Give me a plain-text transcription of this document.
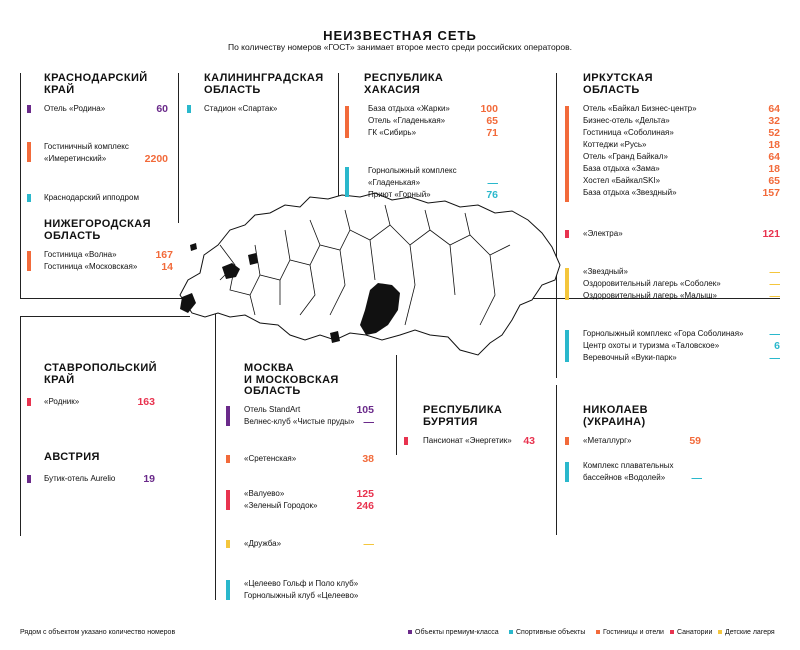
НЕИЗВЕСТНАЯ СЕТЬ
По количеству номеров «ГОСТ» занимает второе место среди российских операторов.
КРАСНОДАРСКИЙ
КРАЙ
Отель «Родина»	60
Гостиничный комплекс
«Имеретинский»	2200
Краснодарский ипподром
НИЖЕГОРОДСКАЯ
ОБЛАСТЬ
Гостиница «Волна»	167
Гостиница «Московская»	14
КАЛИНИНГРАДСКАЯ
ОБЛАСТЬ
Стадион «Спартак»
РЕСПУБЛИКА
ХАКАСИЯ
База отдыха «Жарки»	100
Отель «Гладенькая»	65
ГК «Сибирь»	71
Горнолыжный комплекс
«Гладенькая»	—
Приют «Горный»	76
ИРКУТСКАЯ
ОБЛАСТЬ
Отель «Байкал Бизнес-центр»	64
Бизнес-отель «Дельта»	32
Гостиница «Соболиная»	52
Коттеджи «Русь»	18
Отель «Гранд Байкал»	64
База отдыха «Зама»	18
Хостел «БайкалSKI»	65
База отдыха «Звездный»	157
«Электра»	121
«Звездный»	—
Оздоровительный лагерь «Соболек»	—
Оздоровительный лагерь «Малыш»	—
Горнолыжный комплекс «Гора Соболиная»	—
Центр охоты и туризма «Таловское»	6
Веревочный «Вуки-парк»	—
СТАВРОПОЛЬСКИЙ
КРАЙ
«Родник»	163
АВСТРИЯ
Бутик-отель Aurelio	19
МОСКВА
И МОСКОВСКАЯ
ОБЛАСТЬ
Отель StandArt	105
Велнес-клуб «Чистые пруды» —
«Сретенская»	38
«Валуево»	125
«Зеленый Городок»	246
«Дружба»	—
«Целеево Гольф и Поло клуб»
Горнолыжный клуб «Целеево»
РЕСПУБЛИКА
БУРЯТИЯ
Пансионат «Энергетик»	43
НИКОЛАЕВ
(УКРАИНА)
«Металлург»	59
Комплекс плавательных
бассейнов «Водолей»	—
Рядом с объектом указано количество номеров	Объекты премиум-класса	Спортивные объекты	Гостиницы и отели	Санатории	Детские лагеря
